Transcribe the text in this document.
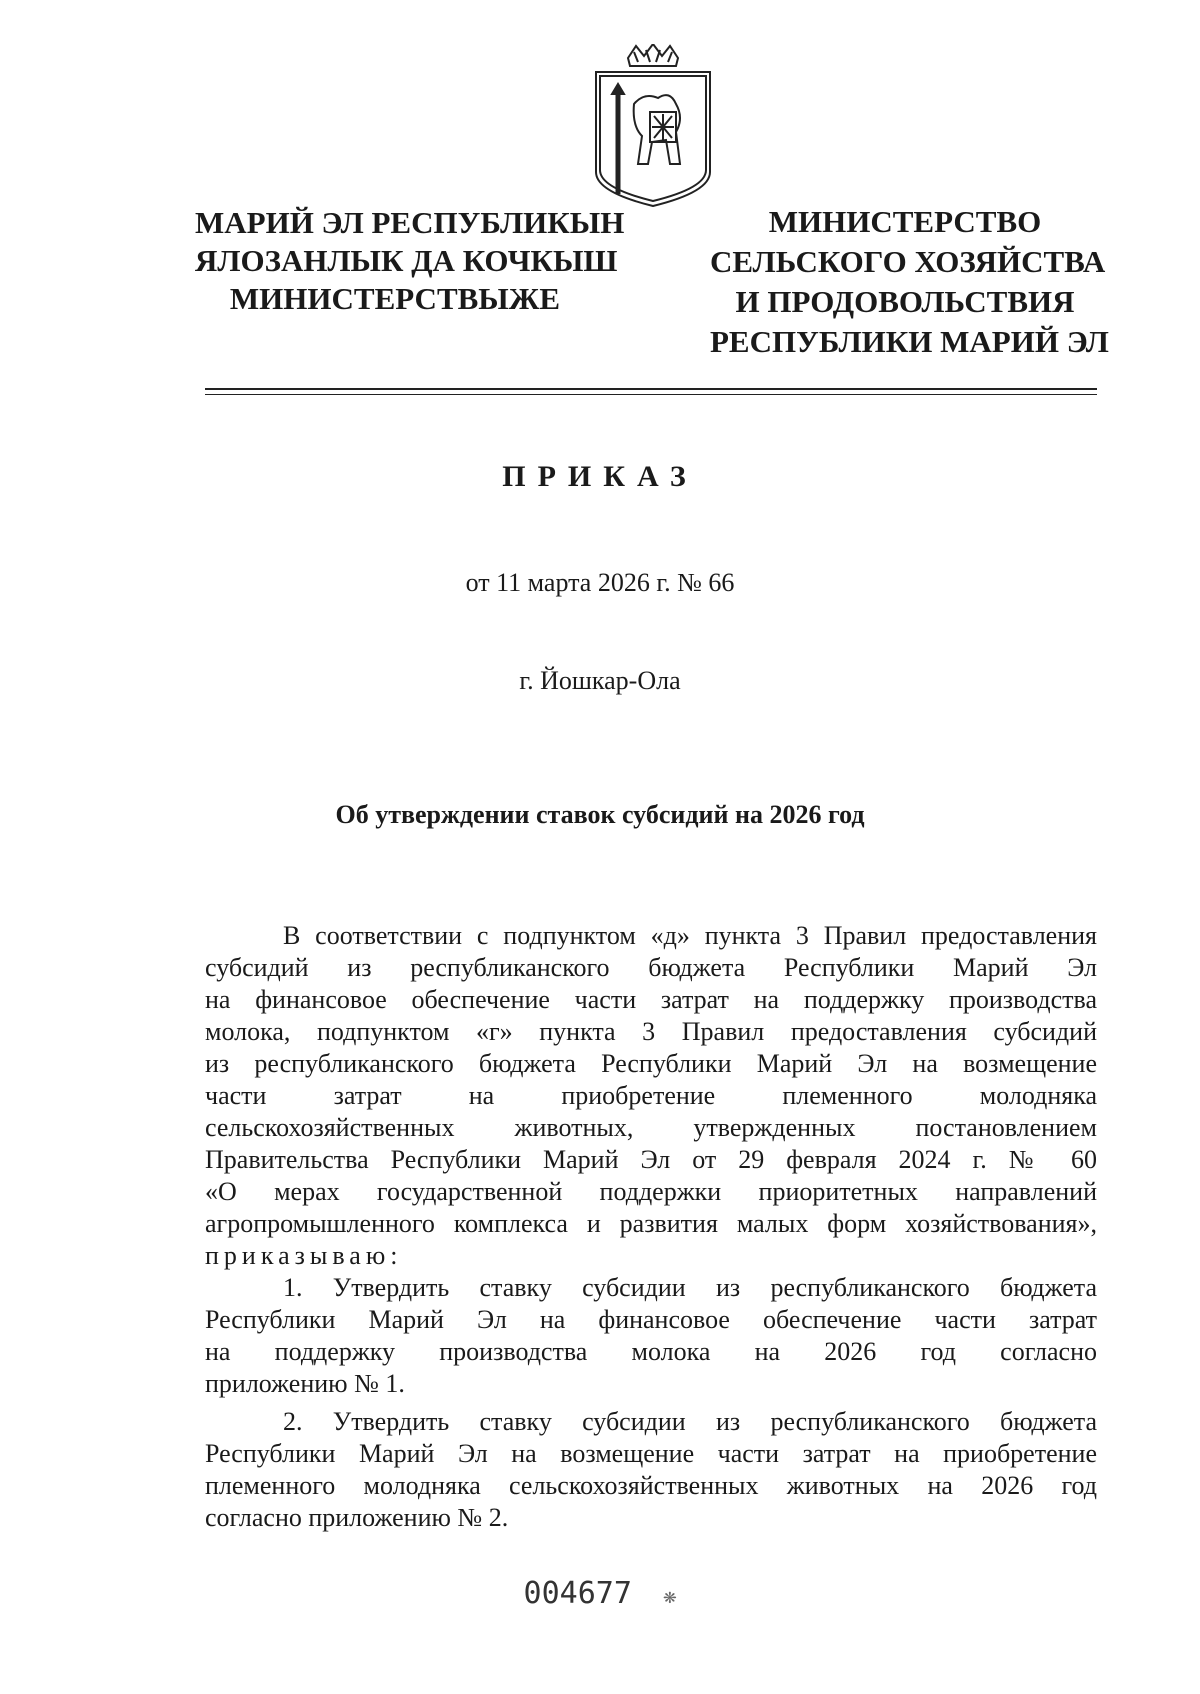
МАРИЙ ЭЛ РЕСПУБЛИКЫН
ЯЛОЗАНЛЫК ДА КОЧКЫШ
МИНИСТЕРСТВЫЖЕ
МИНИСТЕРСТВО
СЕЛЬСКОГО ХОЗЯЙСТВА
И ПРОДОВОЛЬСТВИЯ
РЕСПУБЛИКИ МАРИЙ ЭЛ
ПРИКАЗ
от 11 марта 2026 г. № 66
г. Йошкар-Ола
Об утверждении ставок субсидий на 2026 год
В соответствии с подпунктом «д» пункта 3 Правил предоставления
субсидий из республиканского бюджета Республики Марий Эл
на финансовое обеспечение части затрат на поддержку производства
молока, подпунктом «г» пункта 3 Правил предоставления субсидий
из республиканского бюджета Республики Марий Эл на возмещение
части затрат на приобретение племенного молодняка
сельскохозяйственных животных, утвержденных постановлением
Правительства Республики Марий Эл от 29 февраля 2024 г. № 60
«О мерах государственной поддержки приоритетных направлений
агропромышленного комплекса и развития малых форм хозяйствования»,
приказываю:
1. Утвердить ставку субсидии из республиканского бюджета
Республики Марий Эл на финансовое обеспечение части затрат
на поддержку производства молока на 2026 год согласно
приложению № 1.
2. Утвердить ставку субсидии из республиканского бюджета
Республики Марий Эл на возмещение части затрат на приобретение
племенного молодняка сельскохозяйственных животных на 2026 год
согласно приложению № 2.
004677  ❋
